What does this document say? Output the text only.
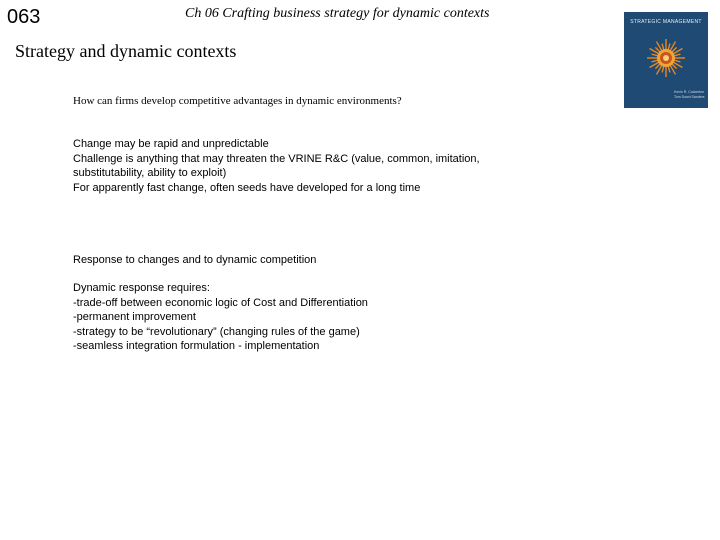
063	Ch 06 Crafting business strategy for dynamic contexts
Strategy and dynamic contexts
STRATEGIC MANAGEMENT
Kevin R. Cockerton
Tom Dowd Sanders
How can firms develop competitive advantages in dynamic environments?
Change may be rapid and unpredictable
Challenge is anything that may threaten the VRINE R&C (value, common, imitation,
substitutability, ability to exploit)
For apparently fast change, often seeds have developed for a long time
Response to changes and to dynamic competition
Dynamic response requires:
-trade-off between economic logic of Cost and Differentiation
-permanent improvement
-strategy to be “revolutionary” (changing rules of the game)
-seamless integration formulation - implementation
